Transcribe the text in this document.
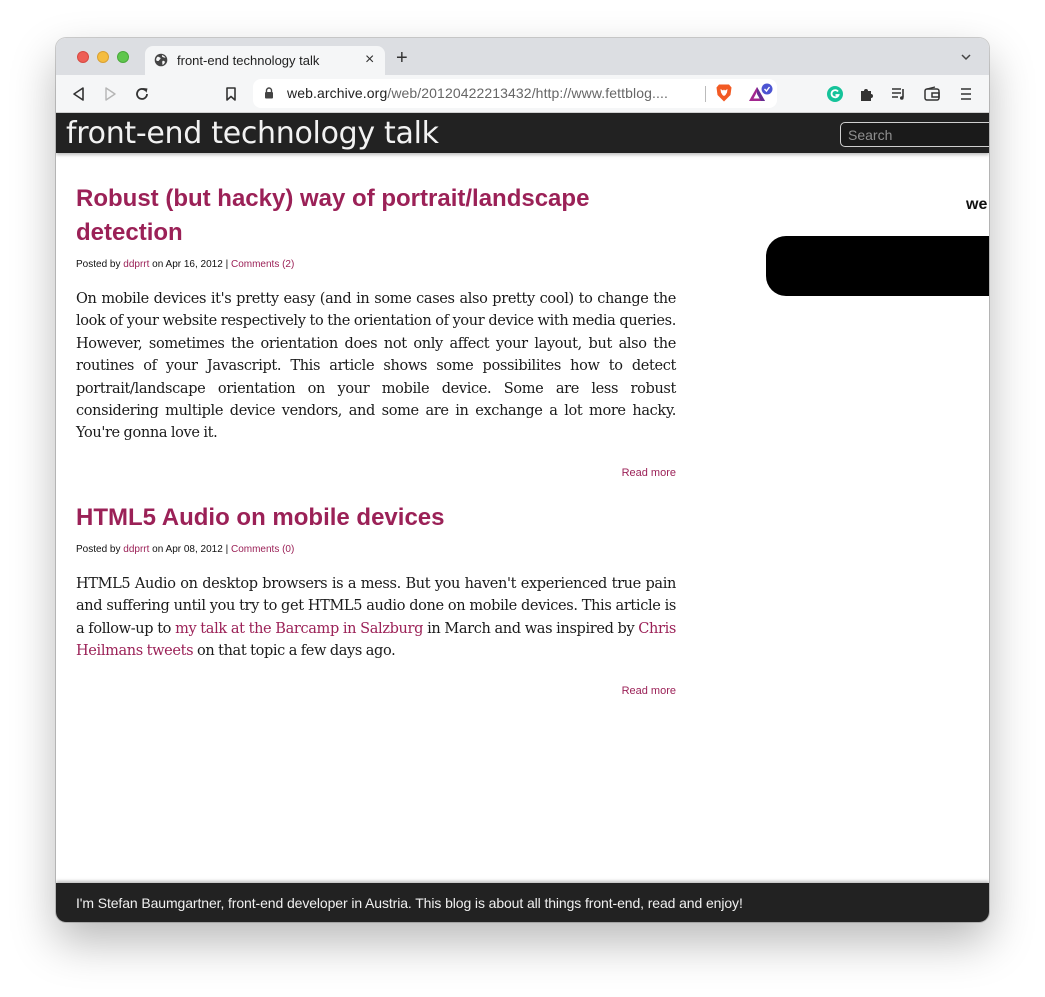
front-end technology talk	× +
web.archive.org/web/20120422213432/http://www.fettblog....
front-end technology talk
Search
we
Robust (but hacky) way of portrait/landscape detection
Posted by ddprrt on Apr 16, 2012 | Comments (2)

On mobile devices it's pretty easy (and in some cases also pretty cool) to change the look of your website respectively to the orientation of your device with media queries. However, sometimes the orientation does not only affect your layout, but also the routines of your Javascript. This article shows some possibilites how to detect portrait/landscape orientation on your mobile device. Some are less robust considering multiple device vendors, and some are in exchange a lot more hacky. You're gonna love it.

Read more
HTML5 Audio on mobile devices
Posted by ddprrt on Apr 08, 2012 | Comments (0)

HTML5 Audio on desktop browsers is a mess. But you haven't experienced true pain and suffering until you try to get HTML5 audio done on mobile devices. This article is a follow-up to my talk at the Barcamp in Salzburg in March and was inspired by Chris Heilmans tweets on that topic a few days ago.

Read more
I'm Stefan Baumgartner, front-end developer in Austria. This blog is about all things front-end, read and enjoy!
